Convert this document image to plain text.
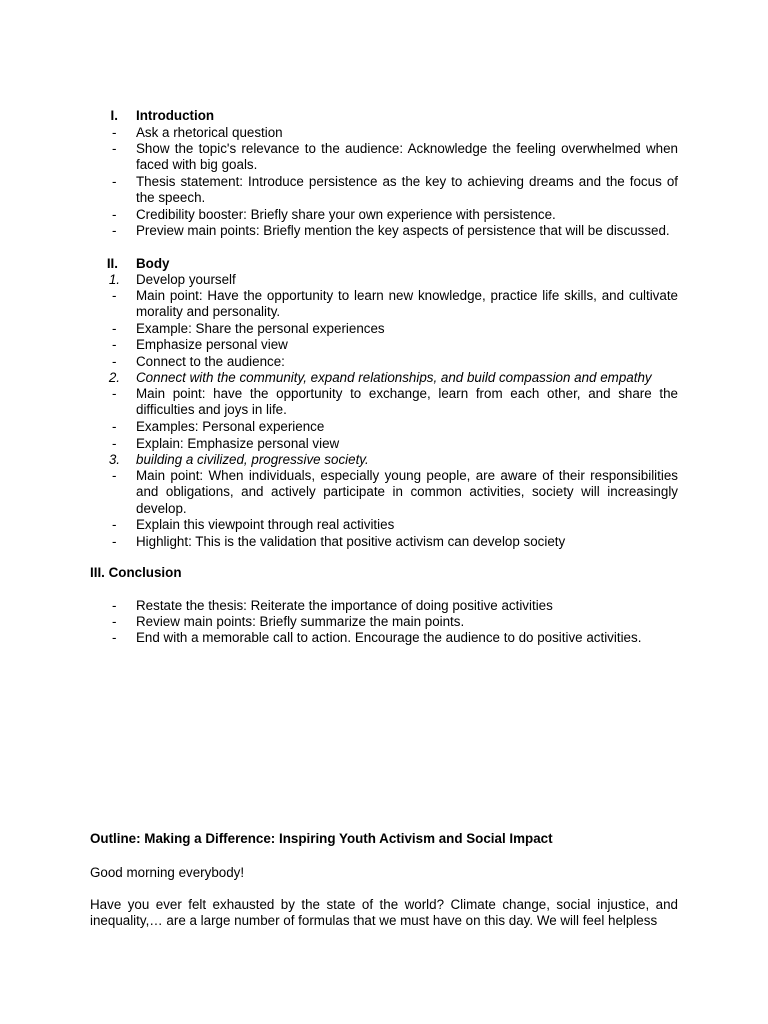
I. Introduction
-	Ask a rhetorical question
-	Show the topic's relevance to the audience: Acknowledge the feeling overwhelmed when faced with big goals.
-	Thesis statement: Introduce persistence as the key to achieving dreams and the focus of the speech.
-	Credibility booster: Briefly share your own experience with persistence.
-	Preview main points: Briefly mention the key aspects of persistence that will be discussed.
II. Body
1. Develop yourself
-	Main point: Have the opportunity to learn new knowledge, practice life skills, and cultivate morality and personality.
-	Example: Share the personal experiences
-	Emphasize personal view
-	Connect to the audience:
2. Connect with the community, expand relationships, and build compassion and empathy
-	Main point: have the opportunity to exchange, learn from each other, and share the difficulties and joys in life.
-	Examples: Personal experience
-	Explain: Emphasize personal view
3. building a civilized, progressive society.
-	Main point: When individuals, especially young people, are aware of their responsibilities and obligations, and actively participate in common activities, society will increasingly develop.
-	Explain this viewpoint through real activities
-	Highlight: This is the validation that positive activism can develop society
III. Conclusion
-	Restate the thesis: Reiterate the importance of doing positive activities
-	Review main points: Briefly summarize the main points.
-	End with a memorable call to action. Encourage the audience to do positive activities.
Outline: Making a Difference: Inspiring Youth Activism and Social Impact
Good morning everybody!
Have you ever felt exhausted by the state of the world? Climate change, social injustice, and inequality,… are a large number of formulas that we must have on this day. We will feel helpless
